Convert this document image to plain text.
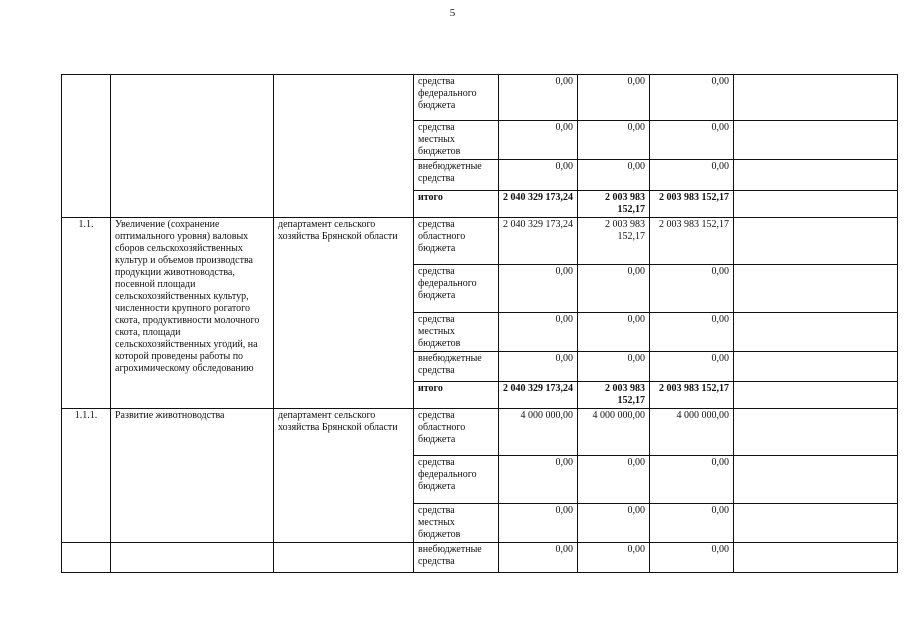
5
			средства федерального бюджета	0,00	0,00	0,00	
			средства местных бюджетов	0,00	0,00	0,00	
			внебюджетные средства	0,00	0,00	0,00	
			итого	2 040 329 173,24	2 003 983 152,17	2 003 983 152,17	
1.1.	Увеличение (сохранение оптимального уровня) валовых сборов сельскохозяйственных культур и объемов производства продукции животноводства, посевной площади сельскохозяйственных культур, численности крупного рогатого скота, продуктивности молочного скота, площади сельскохозяйственных угодий, на которой проведены работы по агрохимическому обследованию	департамент сельского хозяйства Брянской области	средства областного бюджета	2 040 329 173,24	2 003 983 152,17	2 003 983 152,17	
			средства федерального бюджета	0,00	0,00	0,00	
			средства местных бюджетов	0,00	0,00	0,00	
			внебюджетные средства	0,00	0,00	0,00	
			итого	2 040 329 173,24	2 003 983 152,17	2 003 983 152,17	
1.1.1.	Развитие животноводства	департамент сельского хозяйства Брянской области	средства областного бюджета	4 000 000,00	4 000 000,00	4 000 000,00	
			средства федерального бюджета	0,00	0,00	0,00	
			средства местных бюджетов	0,00	0,00	0,00	
			внебюджетные средства	0,00	0,00	0,00	
